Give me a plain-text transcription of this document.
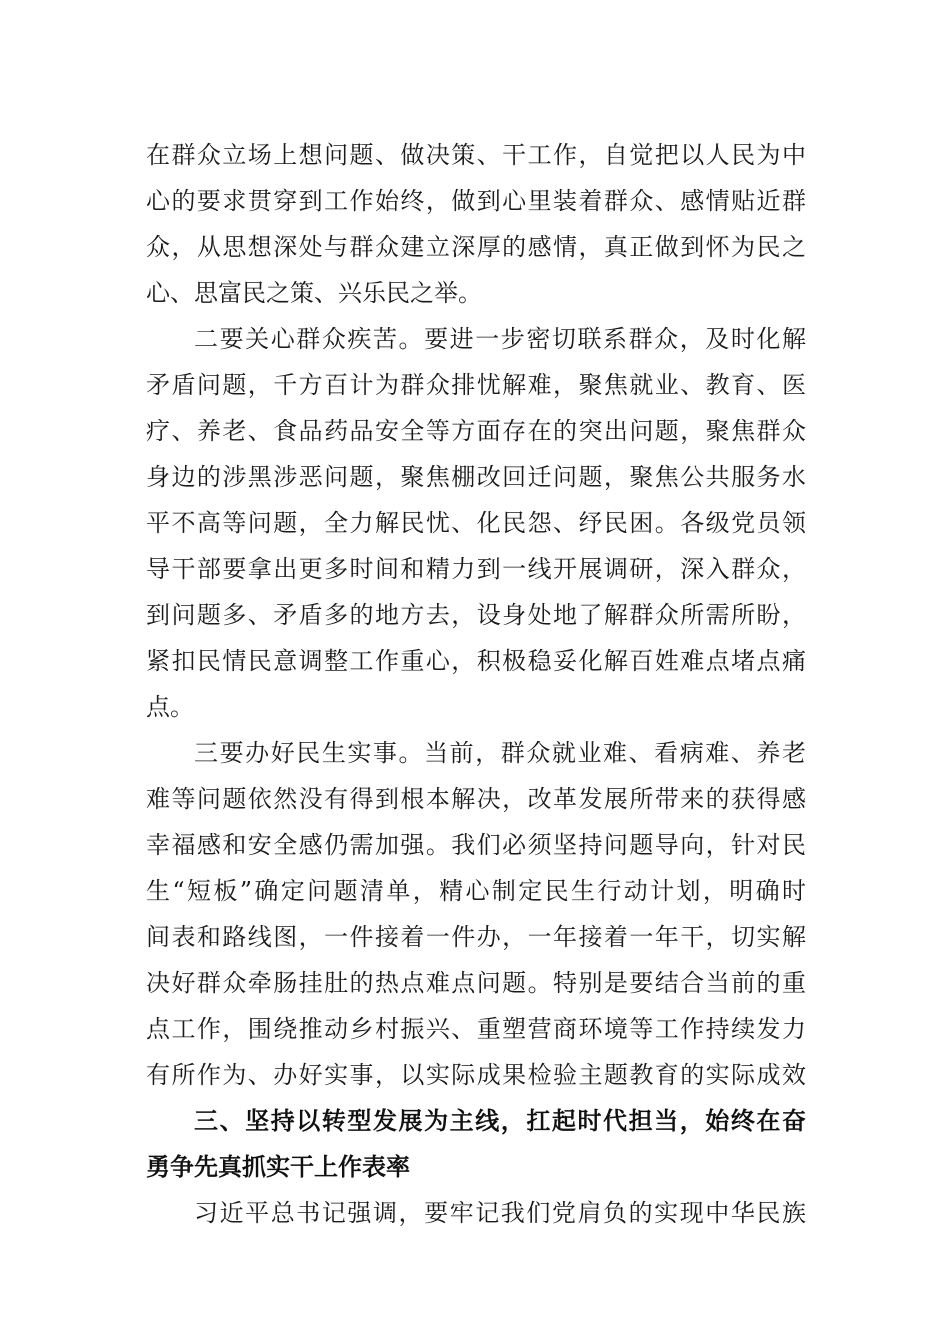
在群众立场上想问题、做决策、干工作，自觉把以人民为中
心的要求贯穿到工作始终，做到心里装着群众、感情贴近群
众，从思想深处与群众建立深厚的感情，真正做到怀为民之
心、思富民之策、兴乐民之举。
二要关心群众疾苦。要进一步密切联系群众，及时化解
矛盾问题，千方百计为群众排忧解难，聚焦就业、教育、医
疗、养老、食品药品安全等方面存在的突出问题，聚焦群众
身边的涉黑涉恶问题，聚焦棚改回迁问题，聚焦公共服务水
平不高等问题，全力解民忧、化民怨、纾民困。各级党员领
导干部要拿出更多时间和精力到一线开展调研，深入群众，
到问题多、矛盾多的地方去，设身处地了解群众所需所盼，
紧扣民情民意调整工作重心，积极稳妥化解百姓难点堵点痛
点。
三要办好民生实事。当前，群众就业难、看病难、养老
难等问题依然没有得到根本解决，改革发展所带来的获得感
幸福感和安全感仍需加强。我们必须坚持问题导向，针对民
生“短板”确定问题清单，精心制定民生行动计划，明确时
间表和路线图，一件接着一件办，一年接着一年干，切实解
决好群众牵肠挂肚的热点难点问题。特别是要结合当前的重
点工作，围绕推动乡村振兴、重塑营商环境等工作持续发力
有所作为、办好实事，以实际成果检验主题教育的实际成效
三、坚持以转型发展为主线，扛起时代担当，始终在奋
勇争先真抓实干上作表率
习近平总书记强调，要牢记我们党肩负的实现中华民族
